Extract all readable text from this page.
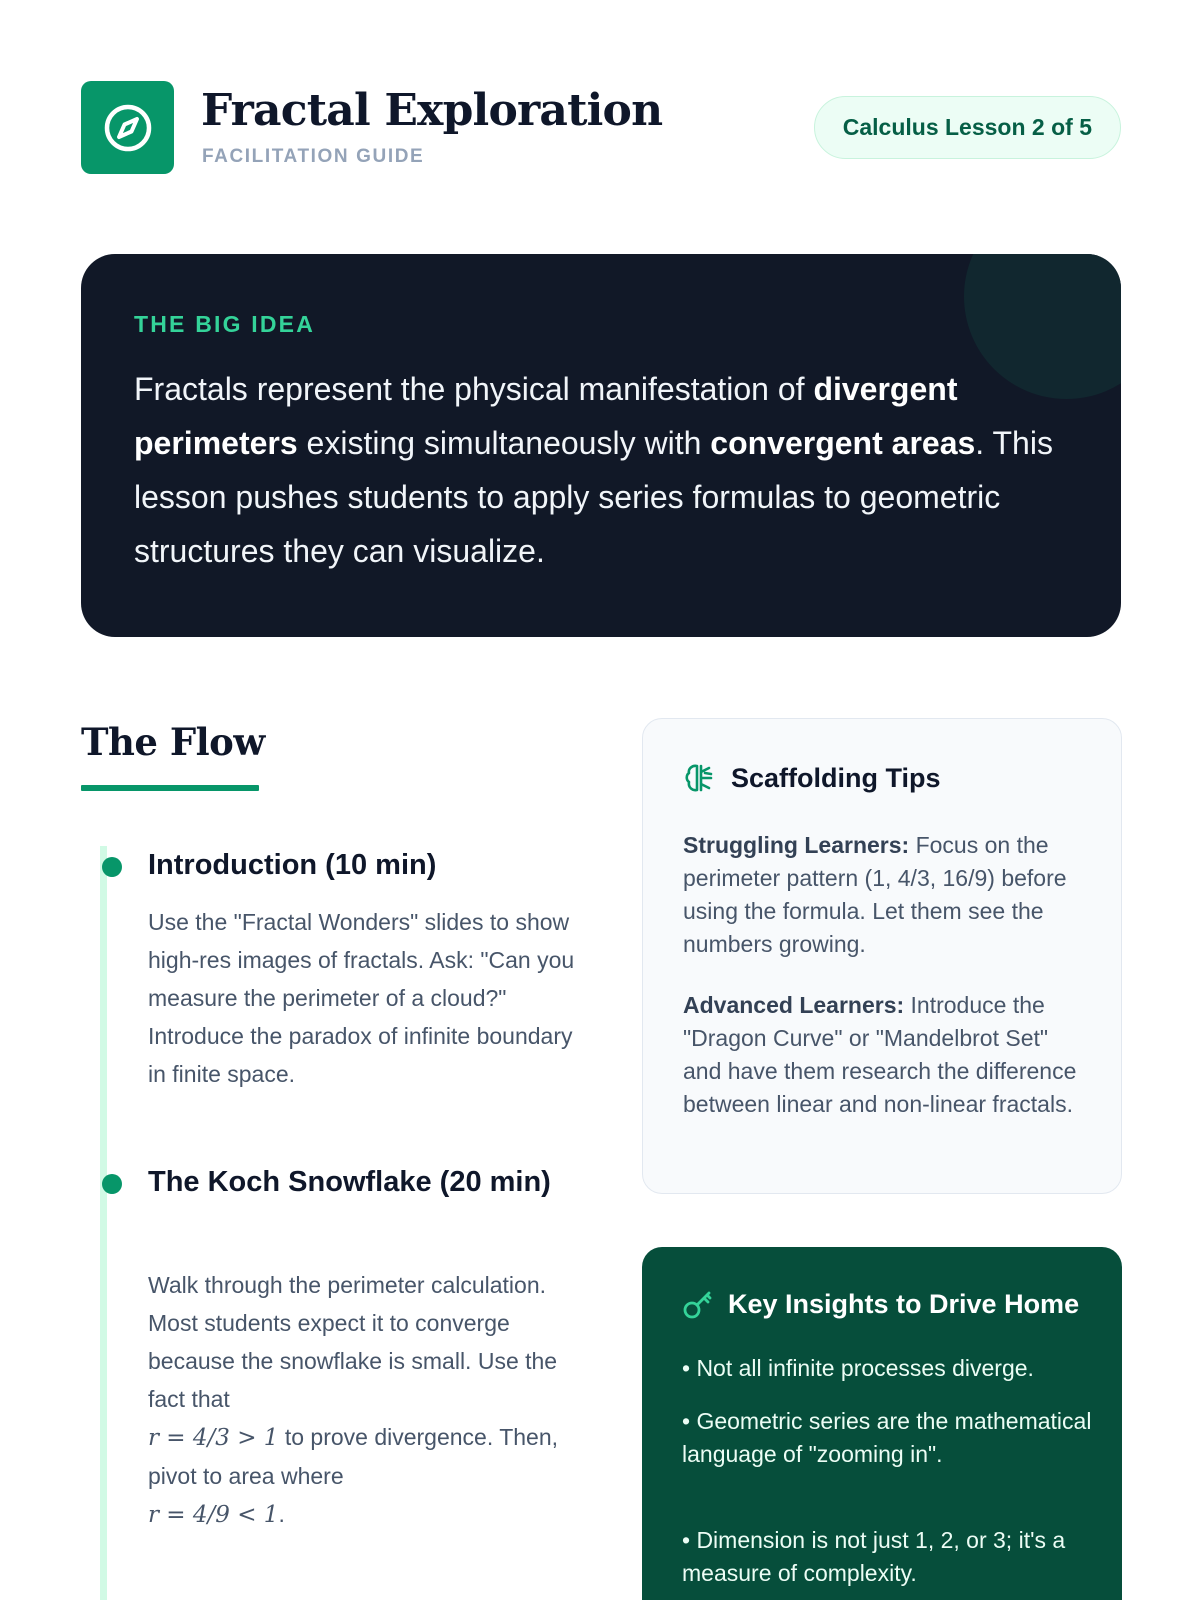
Fractal Exploration
FACILITATION GUIDE
Calculus Lesson 2 of 5
THE BIG IDEA
Fractals represent the physical manifestation of divergent perimeters existing simultaneously with convergent areas. This lesson pushes students to apply series formulas to geometric structures they can visualize.
The Flow
Introduction (10 min)
Use the "Fractal Wonders" slides to show high-res images of fractals. Ask: "Can you measure the perimeter of a cloud?" Introduce the paradox of infinite boundary in finite space.
The Koch Snowflake (20 min)
Walk through the perimeter calculation. Most students expect it to converge because the snowflake is small. Use the fact that
r = 4/3 > 1 to prove divergence. Then, pivot to area where
r = 4/9 < 1.
Scaffolding Tips
Struggling Learners: Focus on the perimeter pattern (1, 4/3, 16/9) before using the formula. Let them see the numbers growing.
Advanced Learners: Introduce the "Dragon Curve" or "Mandelbrot Set" and have them research the difference between linear and non-linear fractals.
Key Insights to Drive Home
• Not all infinite processes diverge.
• Geometric series are the mathematical language of "zooming in".
• Dimension is not just 1, 2, or 3; it's a measure of complexity.
